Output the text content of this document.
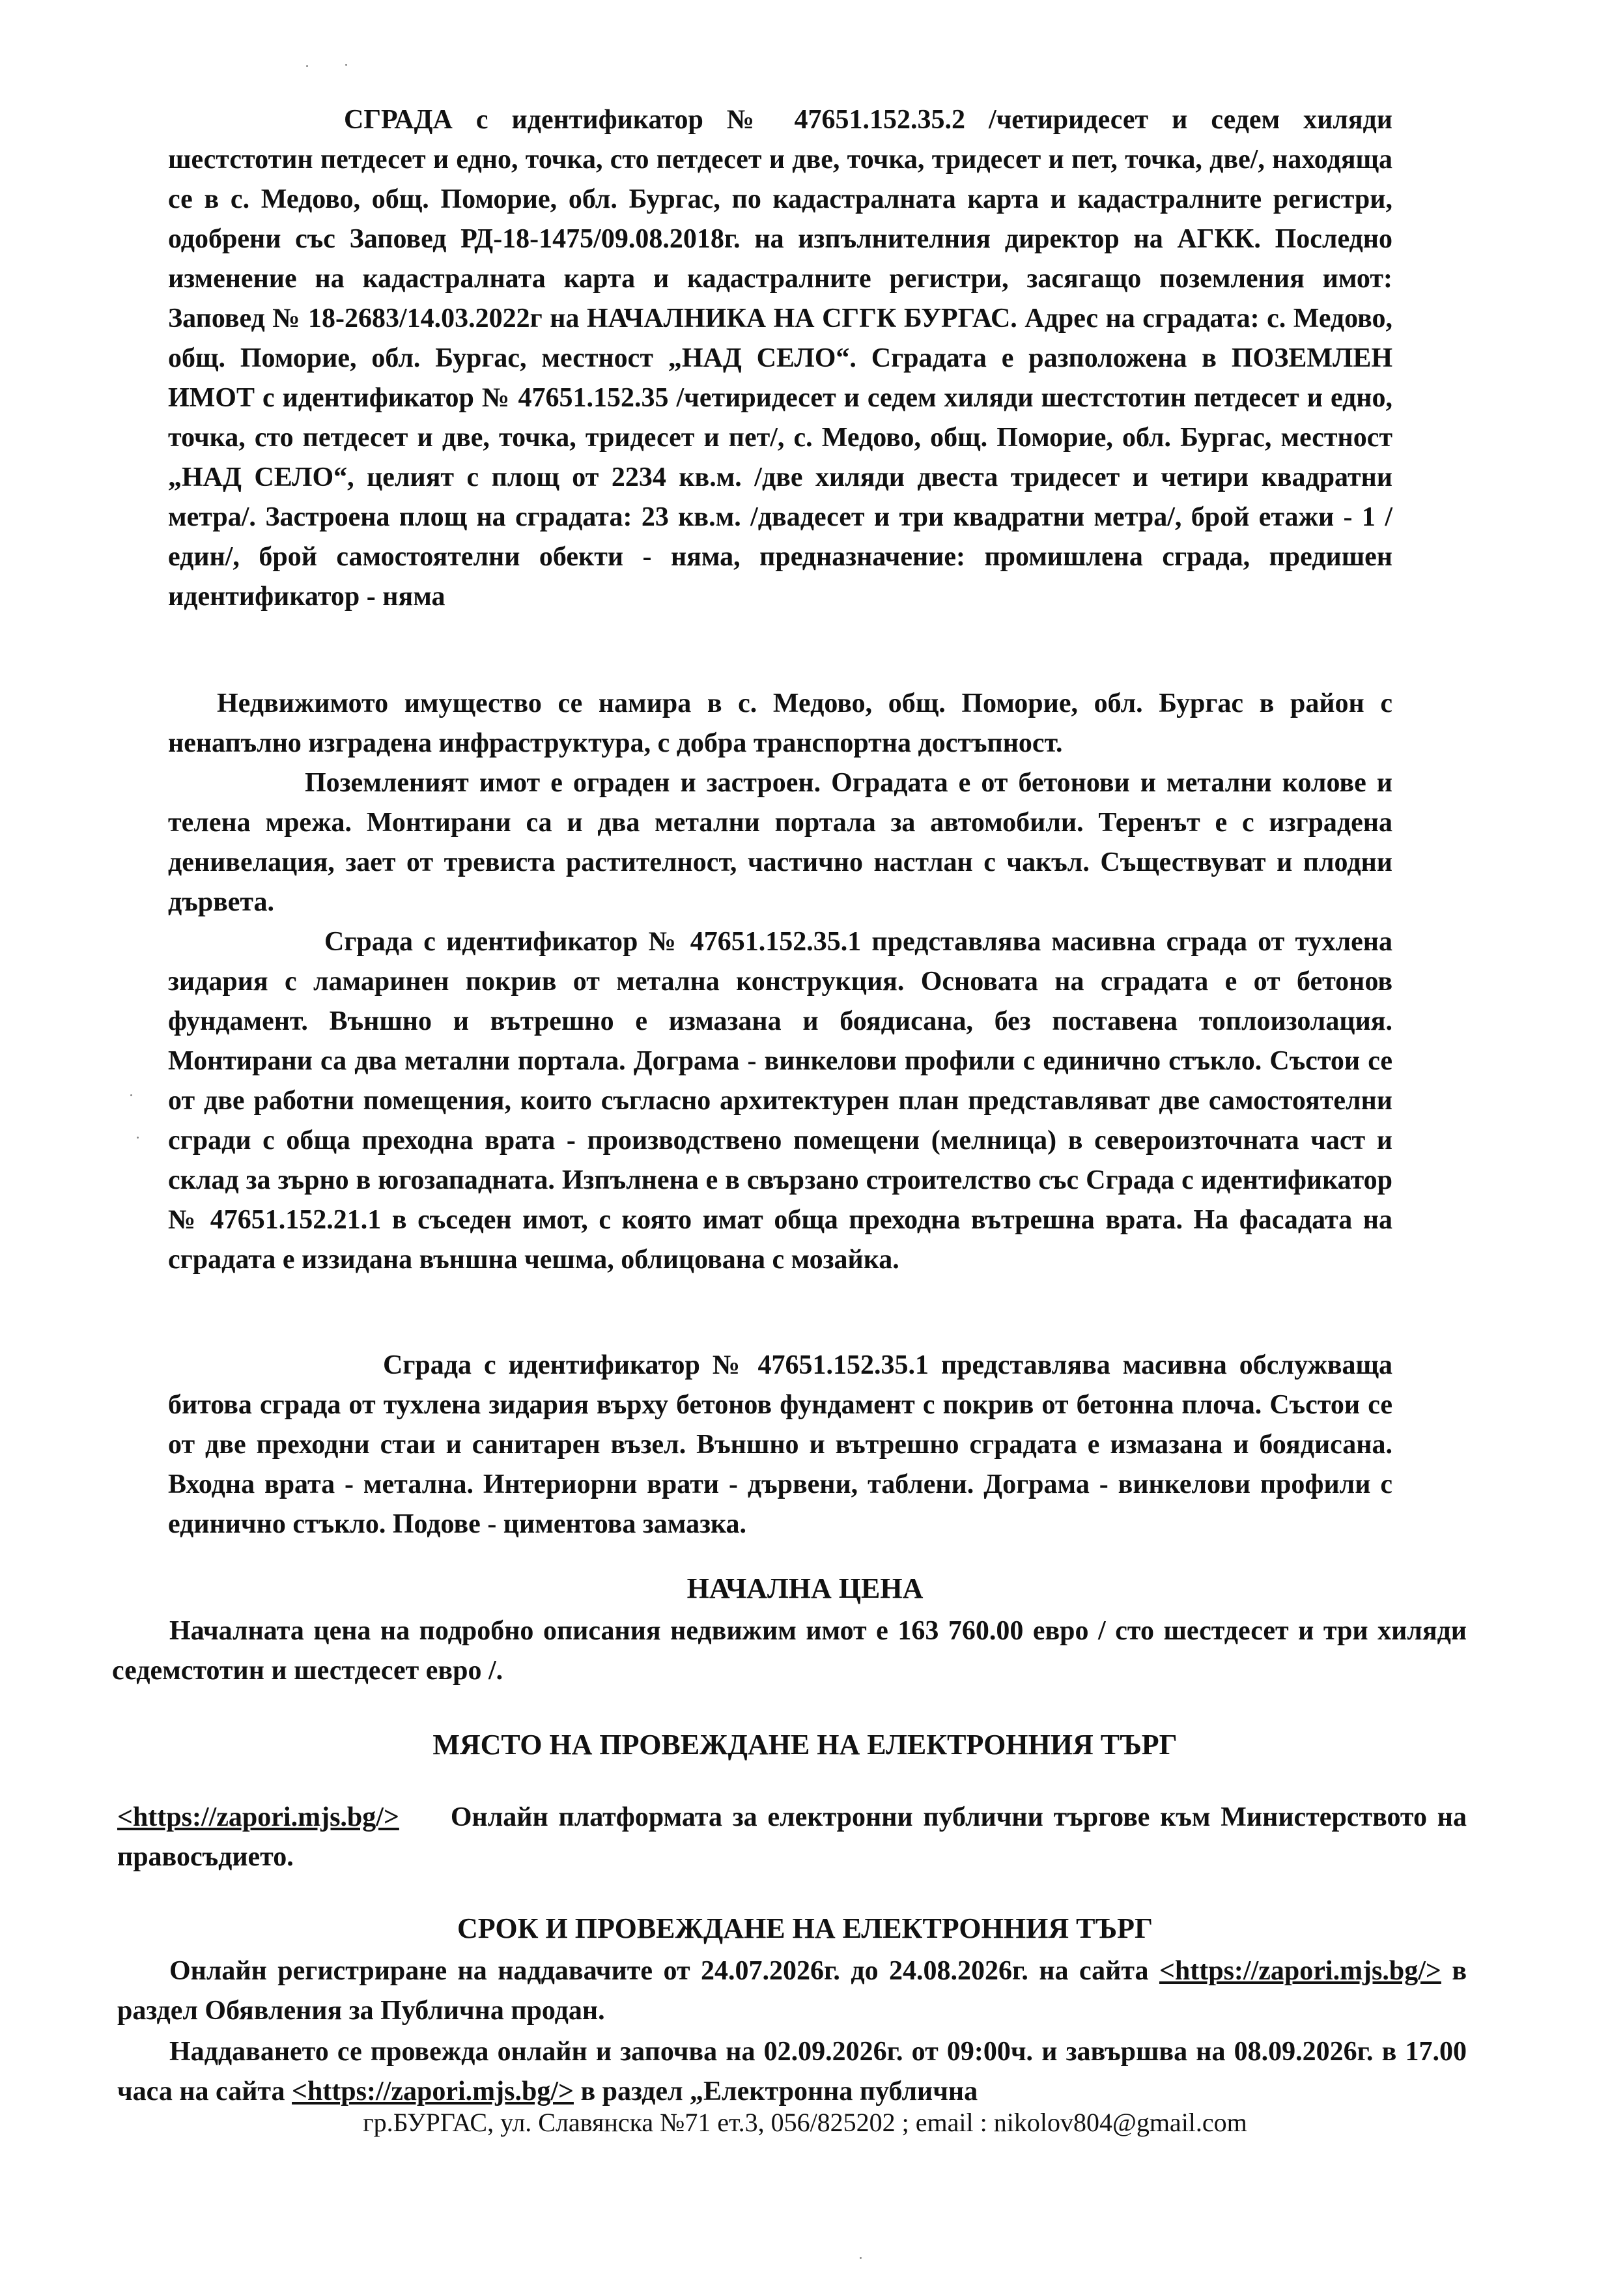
СГРАДА с идентификатор № 47651.152.35.2 /четиридесет и седем хиляди шестстотин петдесет и едно, точка, сто петдесет и две, точка, тридесет и пет, точка, две/, находяща се в с. Медово, общ. Поморие, обл. Бургас, по кадастралната карта и кадастралните регистри, одобрени със Заповед РД-18-1475/09.08.2018г. на изпълнителния директор на АГКК. Последно изменение на кадастралната карта и кадастралните регистри, засягащо поземления имот: Заповед № 18-2683/14.03.2022г на НАЧАЛНИКА НА СГГК БУРГАС. Адрес на сградата: с. Медово, общ. Поморие, обл. Бургас, местност „НАД СЕЛО“. Сградата е разположена в ПОЗЕМЛЕН ИМОТ с идентификатор № 47651.152.35 /четиридесет и седем хиляди шестстотин петдесет и едно, точка, сто петдесет и две, точка, тридесет и пет/, с. Медово, общ. Поморие, обл. Бургас, местност „НАД СЕЛО“, целият с площ от 2234 кв.м. /две хиляди двеста тридесет и четири квадратни метра/. Застроена площ на сградата: 23 кв.м. /двадесет и три квадратни метра/, брой етажи - 1 /един/, брой самостоятелни обекти - няма, предназначение: промишлена сграда, предишен идентификатор - няма

Недвижимото имущество се намира в с. Медово, общ. Поморие, обл. Бургас в район с ненапълно изградена инфраструктура, с добра транспортна достъпност.

Поземленият имот е ограден и застроен. Оградата е от бетонови и метални колове и телена мрежа. Монтирани са и два метални портала за автомобили. Теренът е с изградена денивелация, зает от тревиста растителност, частично настлан с чакъл. Съществуват и плодни дървета.

Сграда с идентификатор № 47651.152.35.1 представлява масивна сграда от тухлена зидария с ламаринен покрив от метална конструкция. Основата на сградата е от бетонов фундамент. Външно и вътрешно е измазана и боядисана, без поставена топлоизолация. Монтирани са два метални портала. Дограма - винкелови профили с единично стъкло. Състои се от две работни помещения, които съгласно архитектурен план представляват две самостоятелни сгради с обща преходна врата - производствено помещени (мелница) в североизточната част и склад за зърно в югозападната. Изпълнена е в свързано строителство със Сграда с идентификатор № 47651.152.21.1 в съседен имот, с която имат обща преходна вътрешна врата. На фасадата на сградата е иззидана външна чешма, облицована с мозайка.

Сграда с идентификатор № 47651.152.35.1 представлява масивна обслужваща битова сграда от тухлена зидария върху бетонов фундамент с покрив от бетонна плоча. Състои се от две преходни стаи и санитарен възел. Външно и вътрешно сградата е измазана и боядисана. Входна врата - метална. Интериорни врати - дървени, таблени. Дограма - винкелови профили с единично стъкло. Подове - циментова замазка.

НАЧАЛНА ЦЕНА

Началната цена на подробно описания недвижим имот е 163 760.00 евро / сто шестдесет и три хиляди седемстотин и шестдесет евро /.

МЯСТО НА ПРОВЕЖДАНЕ НА ЕЛЕКТРОННИЯ ТЪРГ

<https://zapori.mjs.bg/> Онлайн платформата за електронни публични търгове към Министерството на правосъдието.

СРОК И ПРОВЕЖДАНЕ НА ЕЛЕКТРОННИЯ ТЪРГ

Онлайн регистриране на наддавачите от 24.07.2026г. до 24.08.2026г. на сайта <https://zapori.mjs.bg/> в раздел Обявления за Публична продан.

Наддаването се провежда онлайн и започва на 02.09.2026г. от 09:00ч. и завършва на 08.09.2026г. в 17.00 часа на сайта <https://zapori.mjs.bg/> в раздел „Електронна публична

гр.БУРГАС, ул. Славянска №71 ет.3, 056/825202 ; email : nikolov804@gmail.com
